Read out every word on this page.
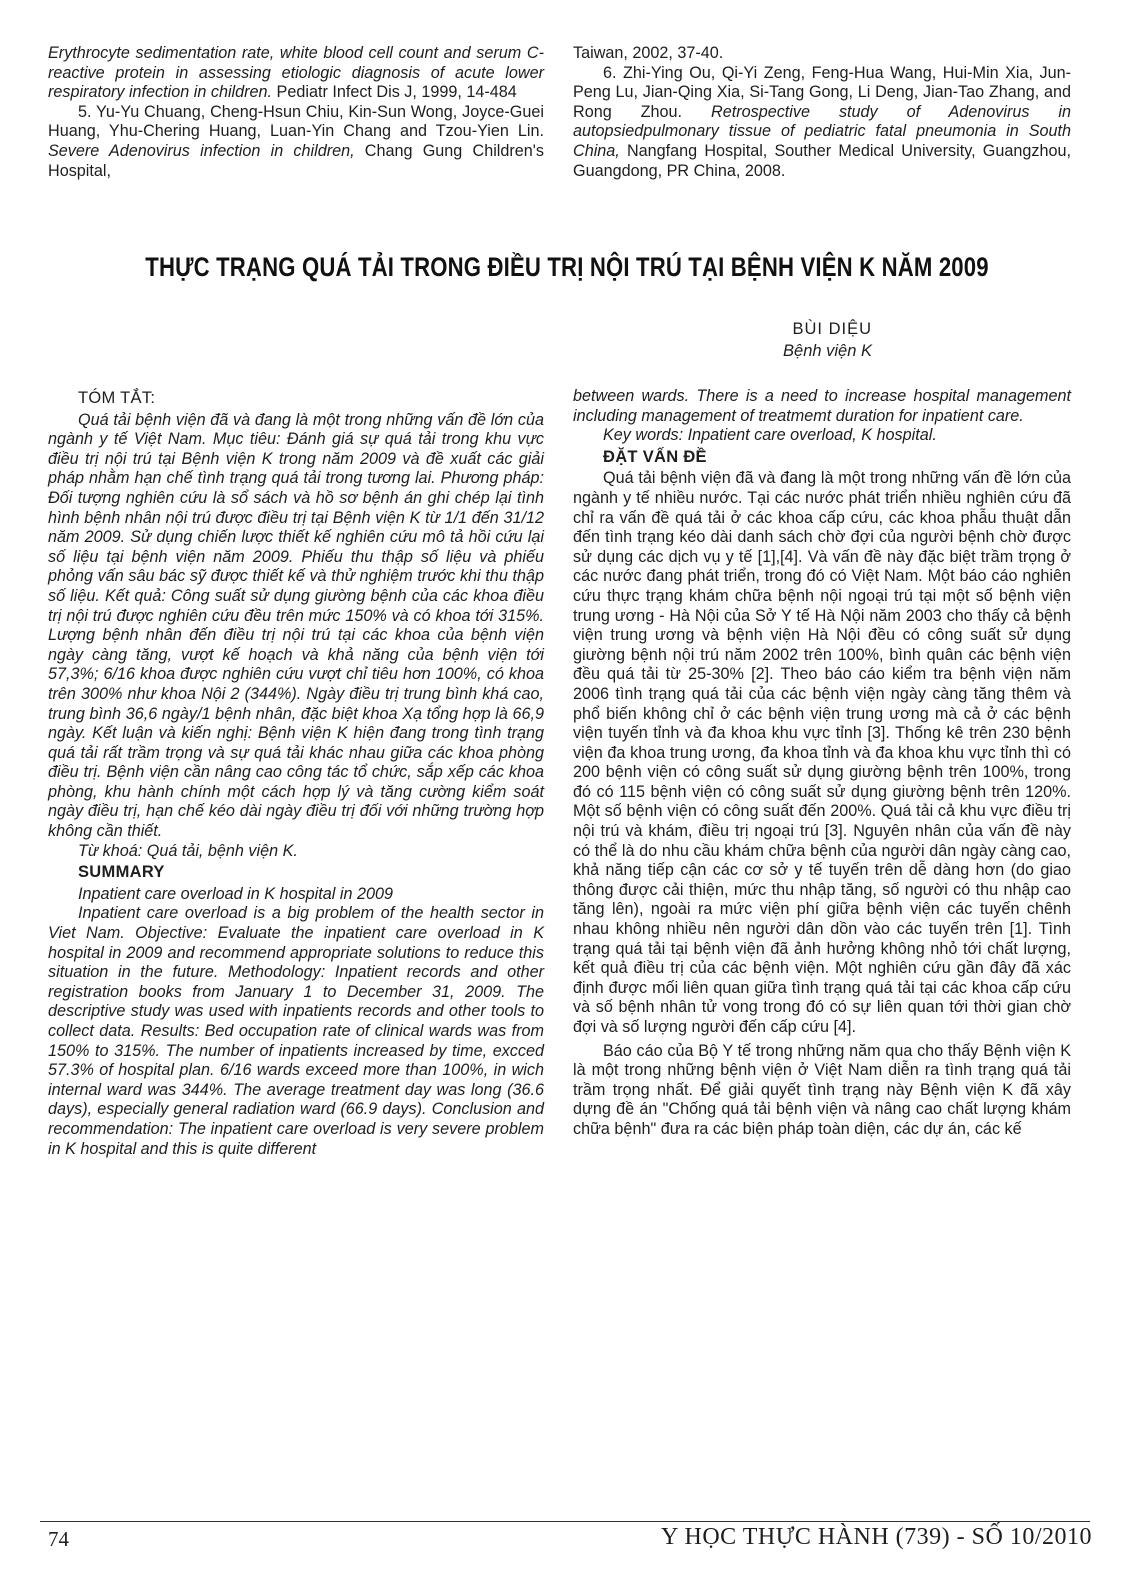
Erythrocyte sedimentation rate, white blood cell count and serum C-reactive protein in assessing etiologic diagnosis of acute lower respiratory infection in children. Pediatr Infect Dis J, 1999, 14-484

5. Yu-Yu Chuang, Cheng-Hsun Chiu, Kin-Sun Wong, Joyce-Guei Huang, Yhu-Chering Huang, Luan-Yin Chang and Tzou-Yien Lin. Severe Adenovirus infection in children, Chang Gung Children's Hospital,

Taiwan, 2002, 37-40.

6. Zhi-Ying Ou, Qi-Yi Zeng, Feng-Hua Wang, Hui-Min Xia, Jun-Peng Lu, Jian-Qing Xia, Si-Tang Gong, Li Deng, Jian-Tao Zhang, and Rong Zhou. Retrospective study of Adenovirus in autopsiedpulmonary tissue of pediatric fatal pneumonia in South China, Nangfang Hospital, Souther Medical University, Guangzhou, Guangdong, PR China, 2008.

THỰC TRẠNG QUÁ TẢI TRONG ĐIỀU TRỊ NỘI TRÚ TẠI BỆNH VIỆN K NĂM 2009
BÙI DIỆU
Bệnh viện K
TÓM TẮT:

Quá tải bệnh viện đã và đang là một trong những vấn đề lớn của ngành y tế Việt Nam. Mục tiêu: Đánh giá sự quá tải trong khu vực điều trị nội trú tại Bệnh viện K trong năm 2009 và đề xuất các giải pháp nhằm hạn chế tình trạng quá tải trong tương lai. Phương pháp: Đối tượng nghiên cứu là sổ sách và hồ sơ bệnh án ghi chép lại tình hình bệnh nhân nội trú được điều trị tại Bệnh viện K từ 1/1 đến 31/12 năm 2009. Sử dụng chiến lược thiết kế nghiên cứu mô tả hồi cứu lại số liệu tại bệnh viện năm 2009. Phiếu thu thập số liệu và phiếu phỏng vấn sâu bác sỹ được thiết kế và thử nghiệm trước khi thu thập số liệu. Kết quả: Công suất sử dụng giường bệnh của các khoa điều trị nội trú được nghiên cứu đều trên mức 150% và có khoa tới 315%. Lượng bệnh nhân đến điều trị nội trú tại các khoa của bệnh viện ngày càng tăng, vượt kế hoạch và khả năng của bệnh viện tới 57,3%; 6/16 khoa được nghiên cứu vượt chỉ tiêu hơn 100%, có khoa trên 300% như khoa Nội 2 (344%). Ngày điều trị trung bình khá cao, trung bình 36,6 ngày/1 bệnh nhân, đặc biệt khoa Xạ tổng hợp là 66,9 ngày. Kết luận và kiến nghị: Bệnh viện K hiện đang trong tình trạng quá tải rất trầm trọng và sự quá tải khác nhau giữa các khoa phòng điều trị. Bệnh viện cần nâng cao công tác tổ chức, sắp xếp các khoa phòng, khu hành chính một cách hợp lý và tăng cường kiểm soát ngày điều trị, hạn chế kéo dài ngày điều trị đối với những trường hợp không cần thiết.

Từ khoá: Quá tải, bệnh viện K.

SUMMARY

Inpatient care overload in K hospital in 2009

Inpatient care overload is a big problem of the health sector in Viet Nam. Objective: Evaluate the inpatient care overload in K hospital in 2009 and recommend appropriate solutions to reduce this situation in the future. Methodology: Inpatient records and other registration books from January 1 to December 31, 2009. The descriptive study was used with inpatients records and other tools to collect data. Results: Bed occupation rate of clinical wards was from 150% to 315%. The number of inpatients increased by time, excced 57.3% of hospital plan. 6/16 wards exceed more than 100%, in wich internal ward was 344%. The average treatment day was long (36.6 days), especially general radiation ward (66.9 days). Conclusion and recommendation: The inpatient care overload is very severe problem in K hospital and this is quite different

between wards. There is a need to increase hospital management including management of treatmemt duration for inpatient care.

Key words: Inpatient care overload, K hospital.

ĐẶT VẤN ĐỀ

Quá tải bệnh viện đã và đang là một trong những vấn đề lớn của ngành y tế nhiều nước. Tại các nước phát triển nhiều nghiên cứu đã chỉ ra vấn đề quá tải ở các khoa cấp cứu, các khoa phẫu thuật dẫn đến tình trạng kéo dài danh sách chờ đợi của người bệnh chờ được sử dụng các dịch vụ y tế [1],[4]. Và vấn đề này đặc biệt trầm trọng ở các nước đang phát triển, trong đó có Việt Nam. Một báo cáo nghiên cứu thực trạng khám chữa bệnh nội ngoại trú tại một số bệnh viện trung ương - Hà Nội của Sở Y tế Hà Nội năm 2003 cho thấy cả bệnh viện trung ương và bệnh viện Hà Nội đều có công suất sử dụng giường bệnh nội trú năm 2002 trên 100%, bình quân các bệnh viện đều quá tải từ 25-30% [2]. Theo báo cáo kiểm tra bệnh viện năm 2006 tình trạng quá tải của các bệnh viện ngày càng tăng thêm và phổ biến không chỉ ở các bệnh viện trung ương mà cả ở các bệnh viện tuyến tỉnh và đa khoa khu vực tỉnh [3]. Thống kê trên 230 bệnh viện đa khoa trung ương, đa khoa tỉnh và đa khoa khu vực tỉnh thì có 200 bệnh viện có công suất sử dụng giường bệnh trên 100%, trong đó có 115 bệnh viện có công suất sử dụng giường bệnh trên 120%. Một số bệnh viện có công suất đến 200%. Quá tải cả khu vực điều trị nội trú và khám, điều trị ngoại trú [3]. Nguyên nhân của vấn đề này có thể là do nhu cầu khám chữa bệnh của người dân ngày càng cao, khả năng tiếp cận các cơ sở y tế tuyến trên dễ dàng hơn (do giao thông được cải thiện, mức thu nhập tăng, số người có thu nhập cao tăng lên), ngoài ra mức viện phí giữa bệnh viện các tuyến chênh nhau không nhiều nên người dân dồn vào các tuyến trên [1]. Tình trạng quá tải tại bệnh viện đã ảnh hưởng không nhỏ tới chất lượng, kết quả điều trị của các bệnh viện. Một nghiên cứu gần đây đã xác định được mối liên quan giữa tình trạng quá tải tại các khoa cấp cứu và số bệnh nhân tử vong trong đó có sự liên quan tới thời gian chờ đợi và số lượng người đến cấp cứu [4].

Báo cáo của Bộ Y tế trong những năm qua cho thấy Bệnh viện K là một trong những bệnh viện ở Việt Nam diễn ra tình trạng quá tải trầm trọng nhất. Để giải quyết tình trạng này Bệnh viện K đã xây dựng đề án "Chống quá tải bệnh viện và nâng cao chất lượng khám chữa bệnh" đưa ra các biện pháp toàn diện, các dự án, các kế

74	Y HỌC THỰC HÀNH (739) - SỐ 10/2010
